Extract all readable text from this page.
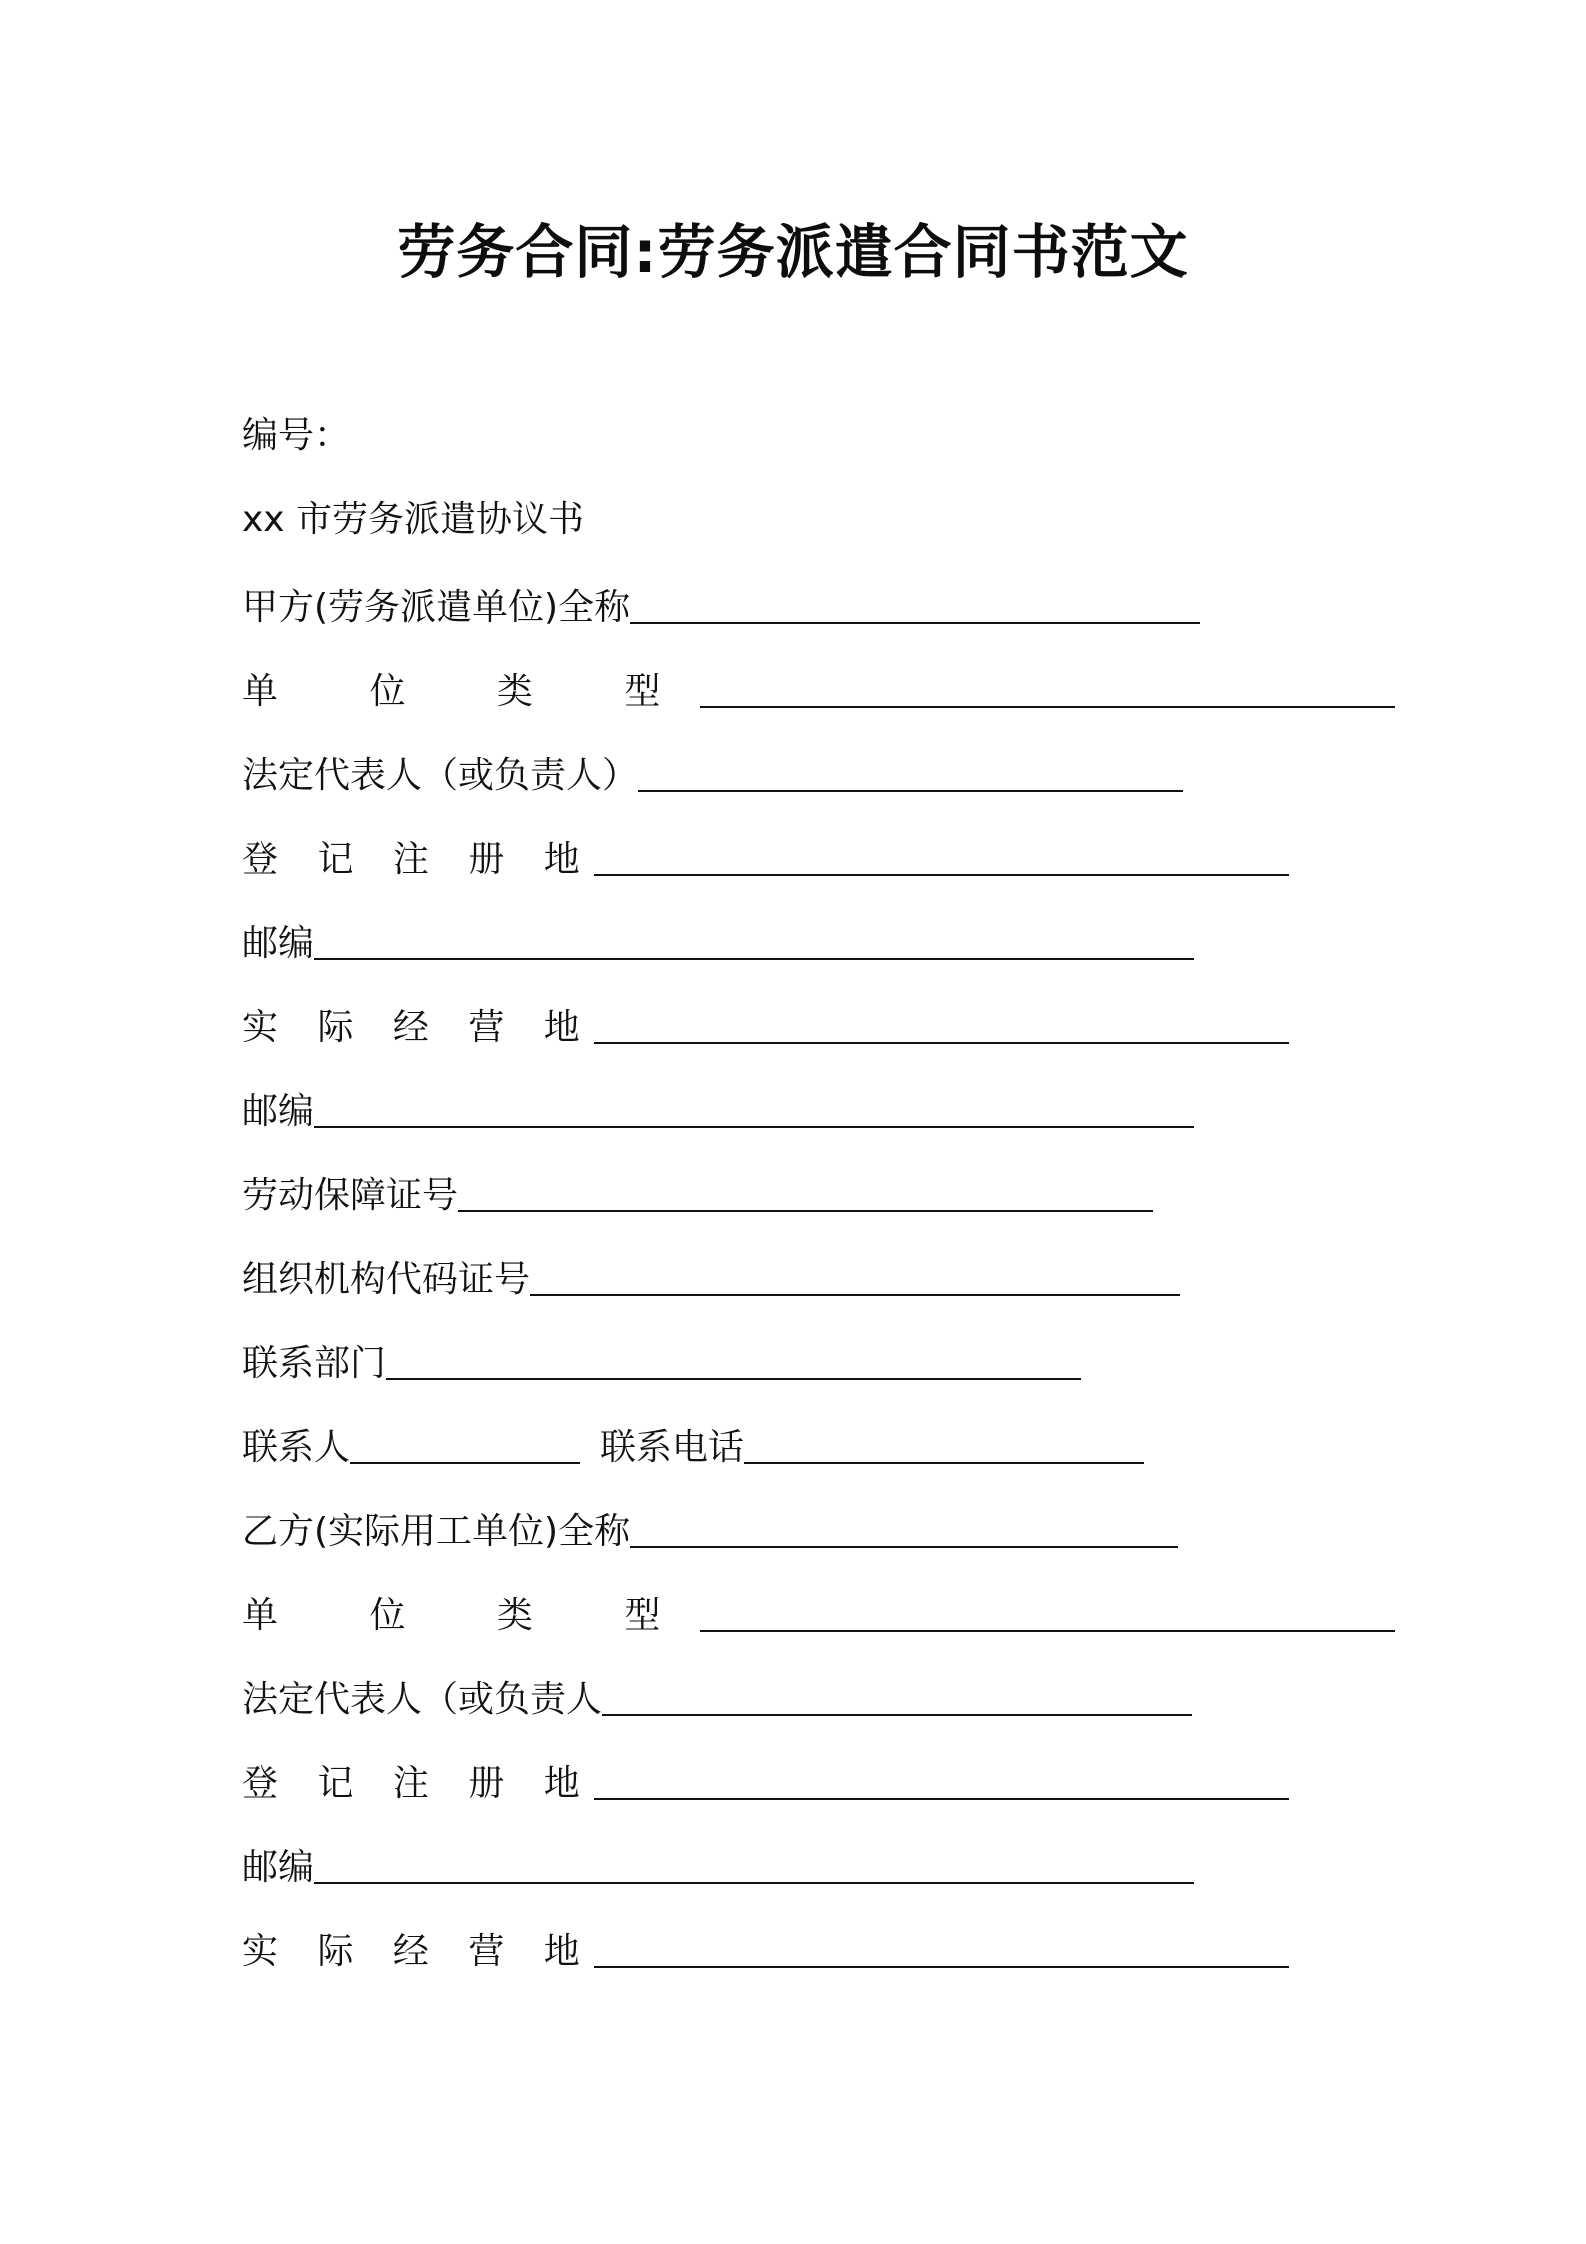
劳务合同:劳务派遣合同书范文
编号：
xx 市劳务派遣协议书
甲方(劳务派遣单位)全称
单 位 类 型
法定代表人（或负责人）
登 记 注 册 地
邮编
实 际 经 营 地
邮编
劳动保障证号
组织机构代码证号
联系部门
联系人	联系电话
乙方(实际用工单位)全称
单 位 类 型
法定代表人（或负责人
登 记 注 册 地
邮编
实 际 经 营 地
